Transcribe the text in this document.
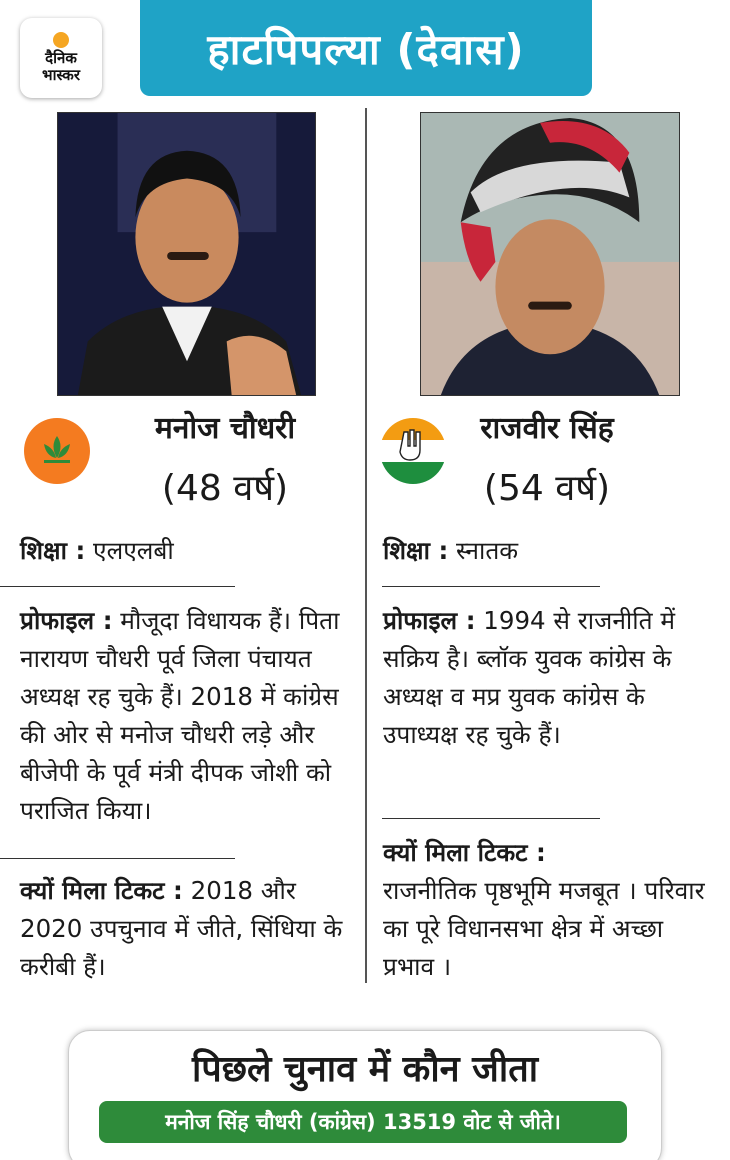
दैनिक
भास्कर
हाटपिपल्या (देवास)
मनोज चौधरी
(48 वर्ष)
राजवीर सिंह
(54 वर्ष)
शिक्षा : एलएलबी
प्रोफाइल : मौजूदा विधायक हैं। पिता नारायण चौधरी पूर्व जिला पंचायत अध्यक्ष रह चुके हैं। 2018 में कांग्रेस की ओर से मनोज चौधरी लड़े और बीजेपी के पूर्व मंत्री दीपक जोशी को पराजित किया।
क्यों मिला टिकट : 2018 और 2020 उपचुनाव में जीते, सिंधिया के करीबी हैं।
शिक्षा : स्नातक
प्रोफाइल : 1994 से राजनीति में सक्रिय है। ब्लॉक युवक कांग्रेस के अध्यक्ष व मप्र युवक कांग्रेस के उपाध्यक्ष रह चुके हैं।
क्यों मिला टिकट :
राजनीतिक पृष्ठभूमि मजबूत । परिवार का पूरे विधानसभा क्षेत्र में अच्छा प्रभाव ।
पिछले चुनाव में कौन जीता
मनोज सिंह चौधरी (कांग्रेस) 13519 वोट से जीते।
